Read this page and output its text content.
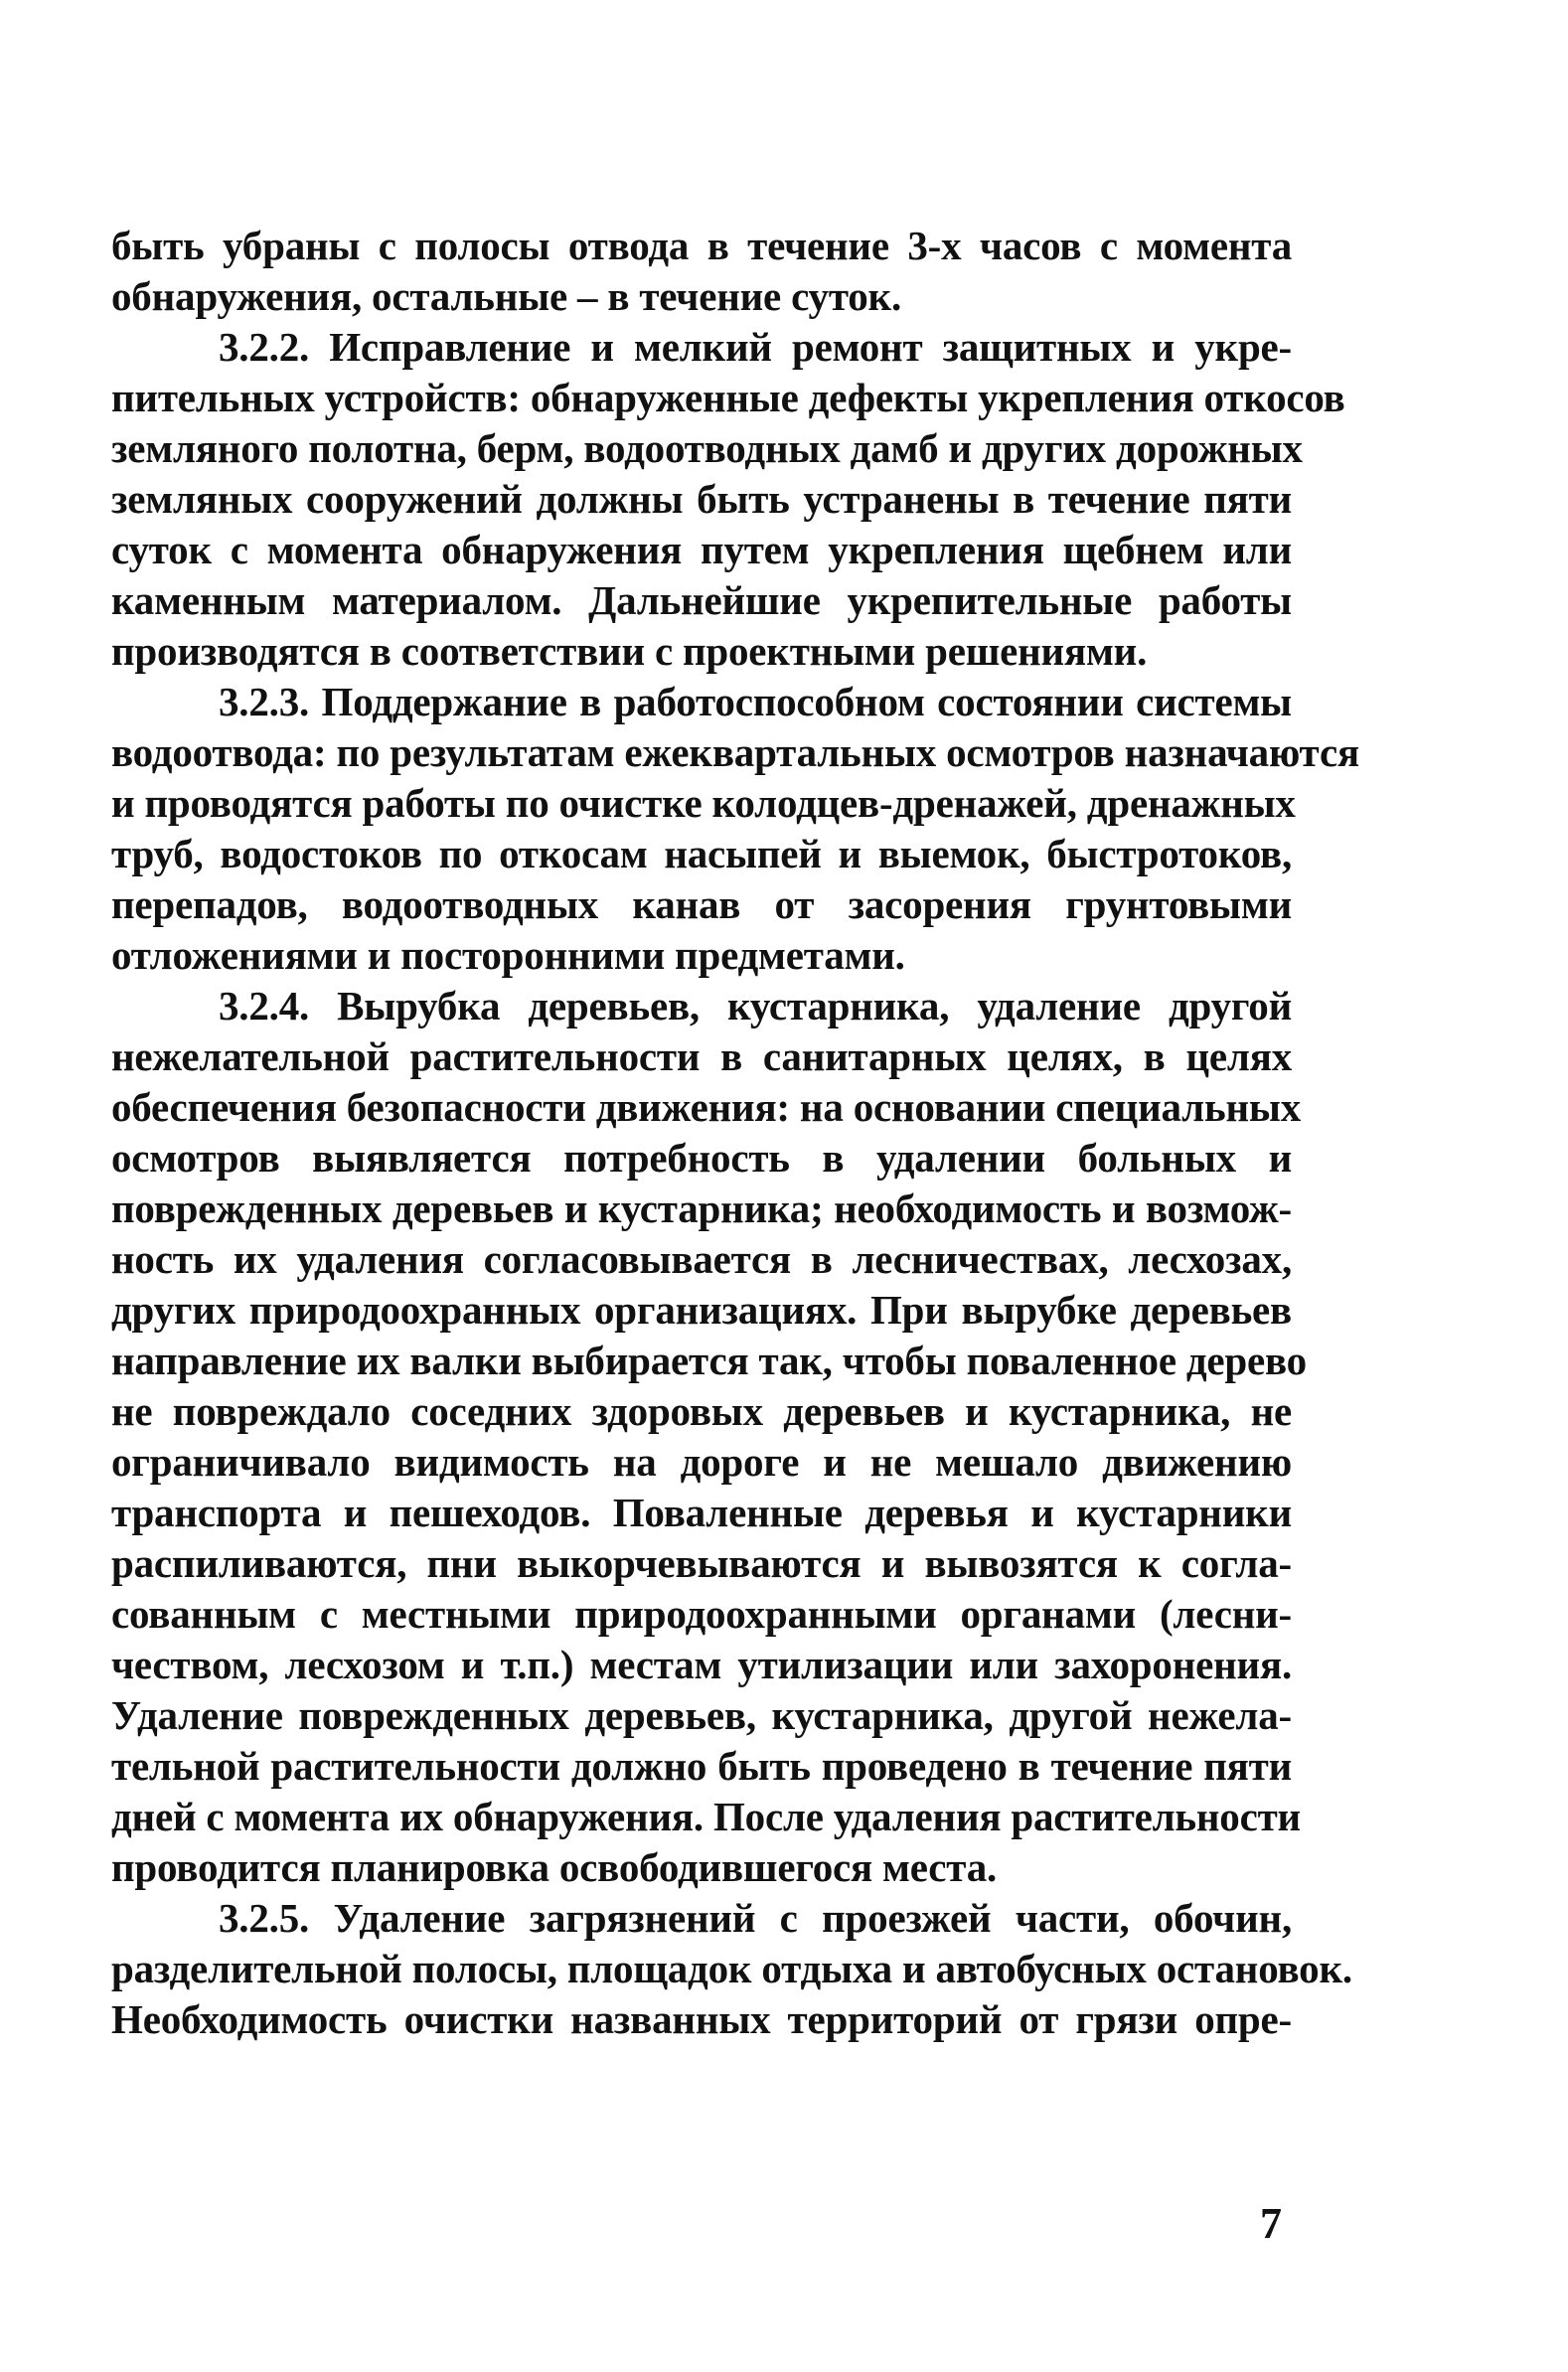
быть убраны с полосы отвода в течение 3-х часов с момента
обнаружения, остальные – в течение суток.
3.2.2. Исправление и мелкий ремонт защитных и укре-
пительных устройств: обнаруженные дефекты укрепления откосов
земляного полотна, берм, водоотводных дамб и других дорожных
земляных сооружений должны быть устранены в течение пяти
суток с момента обнаружения путем укрепления щебнем или
каменным материалом. Дальнейшие укрепительные работы
производятся в соответствии с проектными решениями.
3.2.3. Поддержание в работоспособном состоянии системы
водоотвода: по результатам ежеквартальных осмотров назначаются
и проводятся работы по очистке колодцев-дренажей, дренажных
труб, водостоков по откосам насыпей и выемок, быстротоков,
перепадов, водоотводных канав от засорения грунтовыми
отложениями и посторонними предметами.
3.2.4. Вырубка деревьев, кустарника, удаление другой
нежелательной растительности в санитарных целях, в целях
обеспечения безопасности движения: на основании специальных
осмотров выявляется потребность в удалении больных и
поврежденных деревьев и кустарника; необходимость и возмож-
ность их удаления согласовывается в лесничествах, лесхозах,
других природоохранных организациях. При вырубке деревьев
направление их валки выбирается так, чтобы поваленное дерево
не повреждало соседних здоровых деревьев и кустарника, не
ограничивало видимость на дороге и не мешало движению
транспорта и пешеходов. Поваленные деревья и кустарники
распиливаются, пни выкорчевываются и вывозятся к согла-
сованным с местными природоохранными органами (лесни-
чеством, лесхозом и т.п.) местам утилизации или захоронения.
Удаление поврежденных деревьев, кустарника, другой нежела-
тельной растительности должно быть проведено в течение пяти
дней с момента их обнаружения. После удаления растительности
проводится планировка освободившегося места.
3.2.5. Удаление загрязнений с проезжей части, обочин,
разделительной полосы, площадок отдыха и автобусных остановок.
Необходимость очистки названных территорий от грязи опре-
7
